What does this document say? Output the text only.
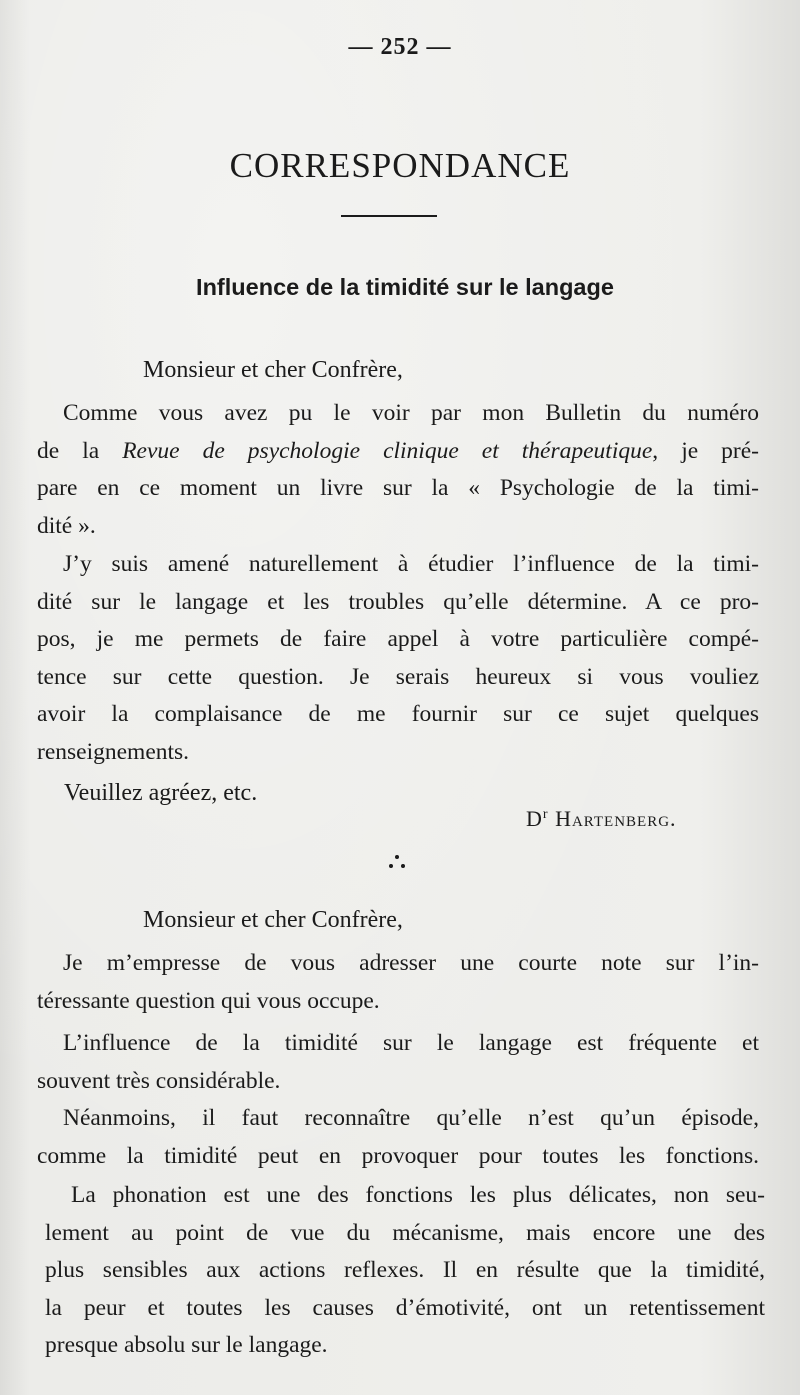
— 252 —
CORRESPONDANCE
Influence de la timidité sur le langage
Monsieur et cher Confrère,
Comme vous avez pu le voir par mon Bulletin du numéro
de la Revue de psychologie clinique et thérapeutique, je pré-
pare en ce moment un livre sur la « Psychologie de la timi-
dité ».
J’y suis amené naturellement à étudier l’influence de la timi-
dité sur le langage et les troubles qu’elle détermine. A ce pro-
pos, je me permets de faire appel à votre particulière compé-
tence sur cette question. Je serais heureux si vous vouliez
avoir la complaisance de me fournir sur ce sujet quelques
renseignements.
Veuillez agréez, etc.
$D^r$ Hartenberg.
Monsieur et cher Confrère,
Je m’empresse de vous adresser une courte note sur l’in-
téressante question qui vous occupe.
L’influence de la timidité sur le langage est fréquente et
souvent très considérable.
Néanmoins, il faut reconnaître qu’elle n’est qu’un épisode,
comme la timidité peut en provoquer pour toutes les fonctions.
La phonation est une des fonctions les plus délicates, non seu-
lement au point de vue du mécanisme, mais encore une des
plus sensibles aux actions reflexes. Il en résulte que la timidité,
la peur et toutes les causes d’émotivité, ont un retentissement
presque absolu sur le langage.
